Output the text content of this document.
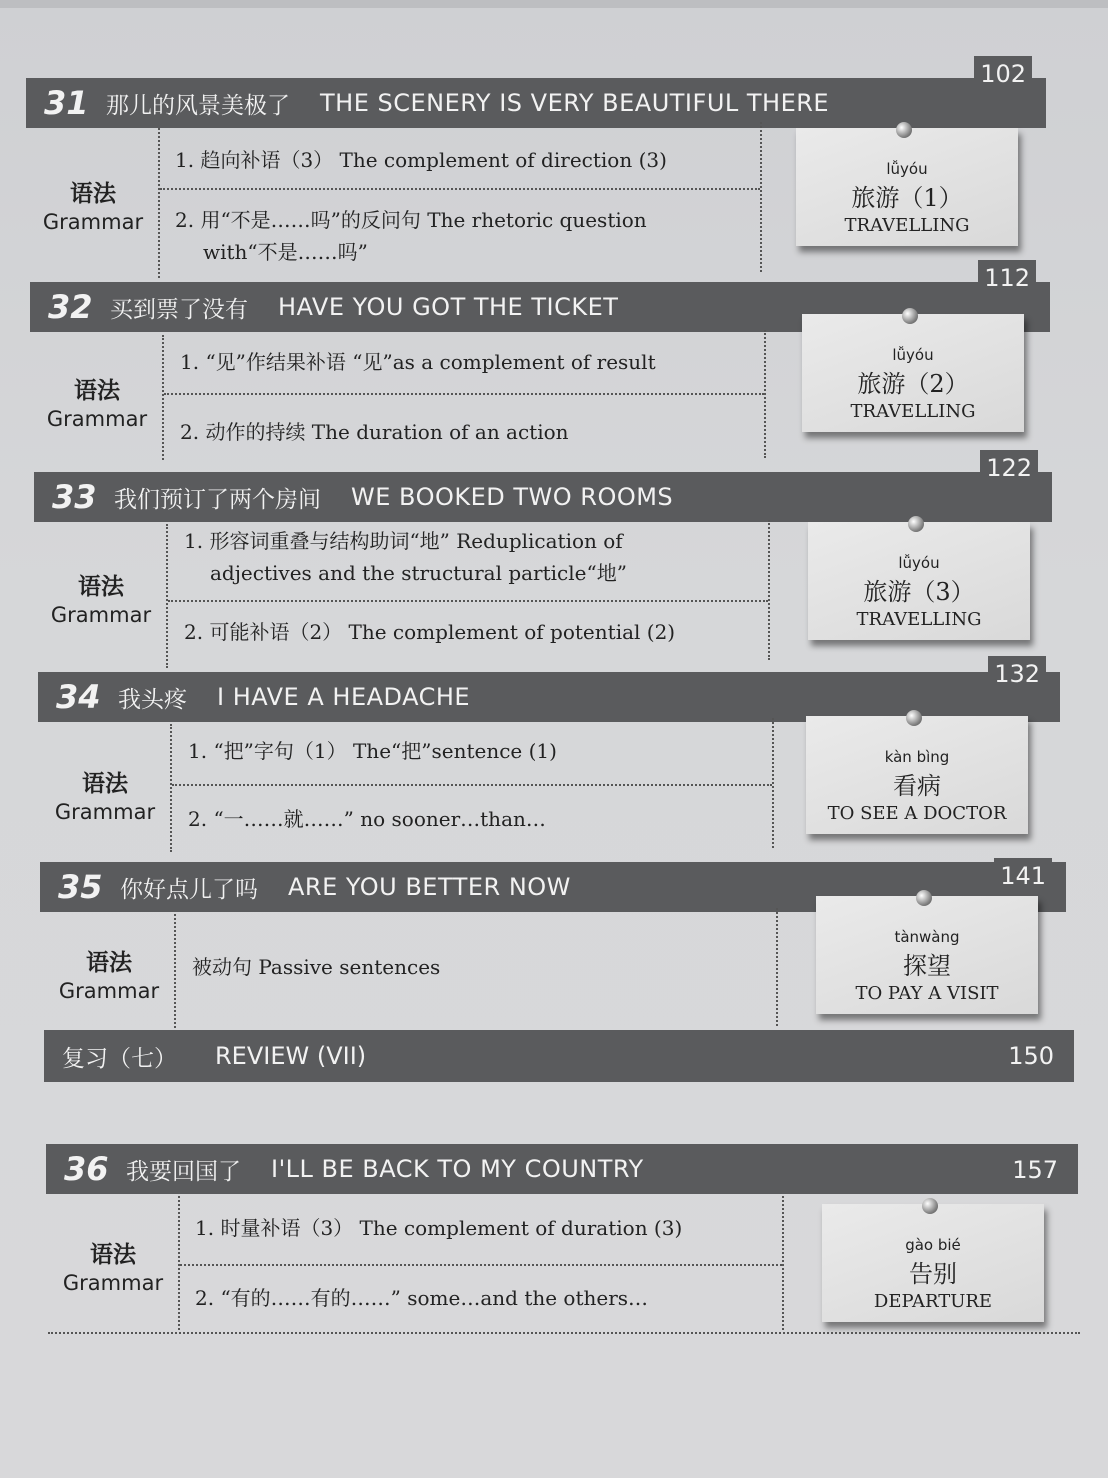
31 那儿的风景美极了 THE SCENERY IS VERY BEAUTIFUL THERE
102
语法
Grammar
1. 趋向补语（3） The complement of direction (3)
2. 用“不是……吗”的反问句 The rhetoric question
with“不是……吗”
lǚyóu
旅游（1）
TRAVELLING
32 买到票了没有 HAVE YOU GOT THE TICKET
112
语法
Grammar
1. “见”作结果补语 “见”as a complement of result
2. 动作的持续 The duration of an action
lǚyóu
旅游（2）
TRAVELLING
33 我们预订了两个房间 WE BOOKED TWO ROOMS
122
语法
Grammar
1. 形容词重叠与结构助词“地” Reduplication of
adjectives and the structural particle“地”
2. 可能补语（2） The complement of potential (2)
lǚyóu
旅游（3）
TRAVELLING
34 我头疼 I HAVE A HEADACHE
132
语法
Grammar
1. “把”字句（1） The“把”sentence (1)
2. “一……就……” no sooner…than…
kàn bìng
看病
TO SEE A DOCTOR
35 你好点儿了吗 ARE YOU BETTER NOW	141
语法
Grammar
被动句 Passive sentences
tànwàng
探望
TO PAY A VISIT
复习（七） REVIEW (VII)	150
36 我要回国了 I'LL BE BACK TO MY COUNTRY	157
语法
Grammar
1. 时量补语（3） The complement of duration (3)
2. “有的……有的……” some…and the others…
gào bié
告别
DEPARTURE
